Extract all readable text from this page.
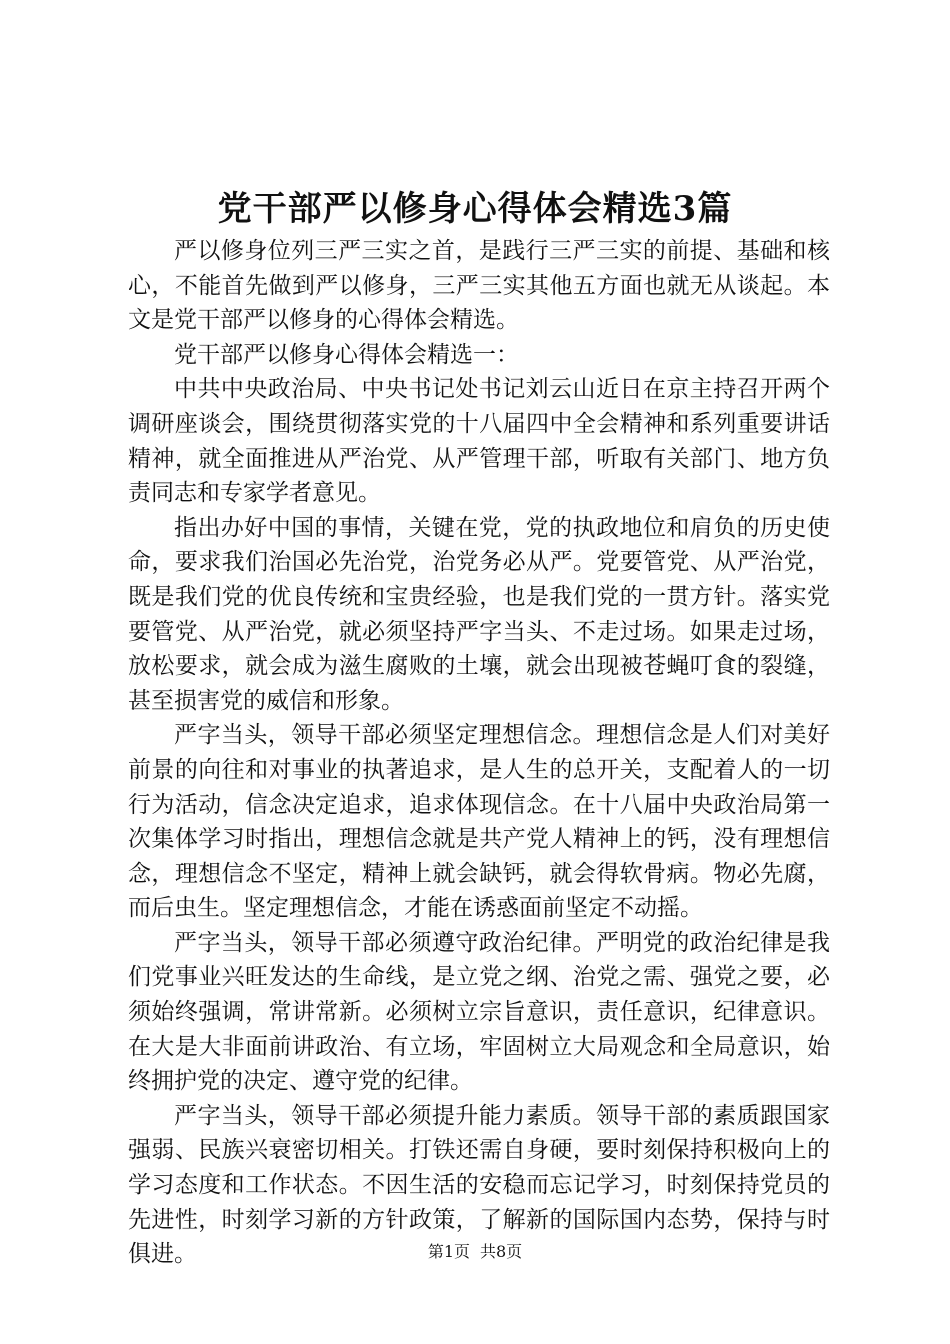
党干部严以修身心得体会精选3篇

严以修身位列三严三实之首，是践行三严三实的前提、基础和核心，不能首先做到严以修身，三严三实其他五方面也就无从谈起。本文是党干部严以修身的心得体会精选。

党干部严以修身心得体会精选一：

中共中央政治局、中央书记处书记刘云山近日在京主持召开两个调研座谈会，围绕贯彻落实党的十八届四中全会精神和系列重要讲话精神，就全面推进从严治党、从严管理干部，听取有关部门、地方负责同志和专家学者意见。

指出办好中国的事情，关键在党，党的执政地位和肩负的历史使命，要求我们治国必先治党，治党务必从严。党要管党、从严治党，既是我们党的优良传统和宝贵经验，也是我们党的一贯方针。落实党要管党、从严治党，就必须坚持严字当头、不走过场。如果走过场，放松要求，就会成为滋生腐败的土壤，就会出现被苍蝇叮食的裂缝，甚至损害党的威信和形象。

严字当头，领导干部必须坚定理想信念。理想信念是人们对美好前景的向往和对事业的执著追求，是人生的总开关，支配着人的一切行为活动，信念决定追求，追求体现信念。在十八届中央政治局第一次集体学习时指出，理想信念就是共产党人精神上的钙，没有理想信念，理想信念不坚定，精神上就会缺钙，就会得软骨病。物必先腐，而后虫生。坚定理想信念，才能在诱惑面前坚定不动摇。

严字当头，领导干部必须遵守政治纪律。严明党的政治纪律是我们党事业兴旺发达的生命线，是立党之纲、治党之需、强党之要，必须始终强调，常讲常新。必须树立宗旨意识，责任意识，纪律意识。在大是大非面前讲政治、有立场，牢固树立大局观念和全局意识，始终拥护党的决定、遵守党的纪律。

严字当头，领导干部必须提升能力素质。领导干部的素质跟国家强弱、民族兴衰密切相关。打铁还需自身硬，要时刻保持积极向上的学习态度和工作状态。不因生活的安稳而忘记学习，时刻保持党员的先进性，时刻学习新的方针政策，了解新的国际国内态势，保持与时俱进。	第1页 共8页
